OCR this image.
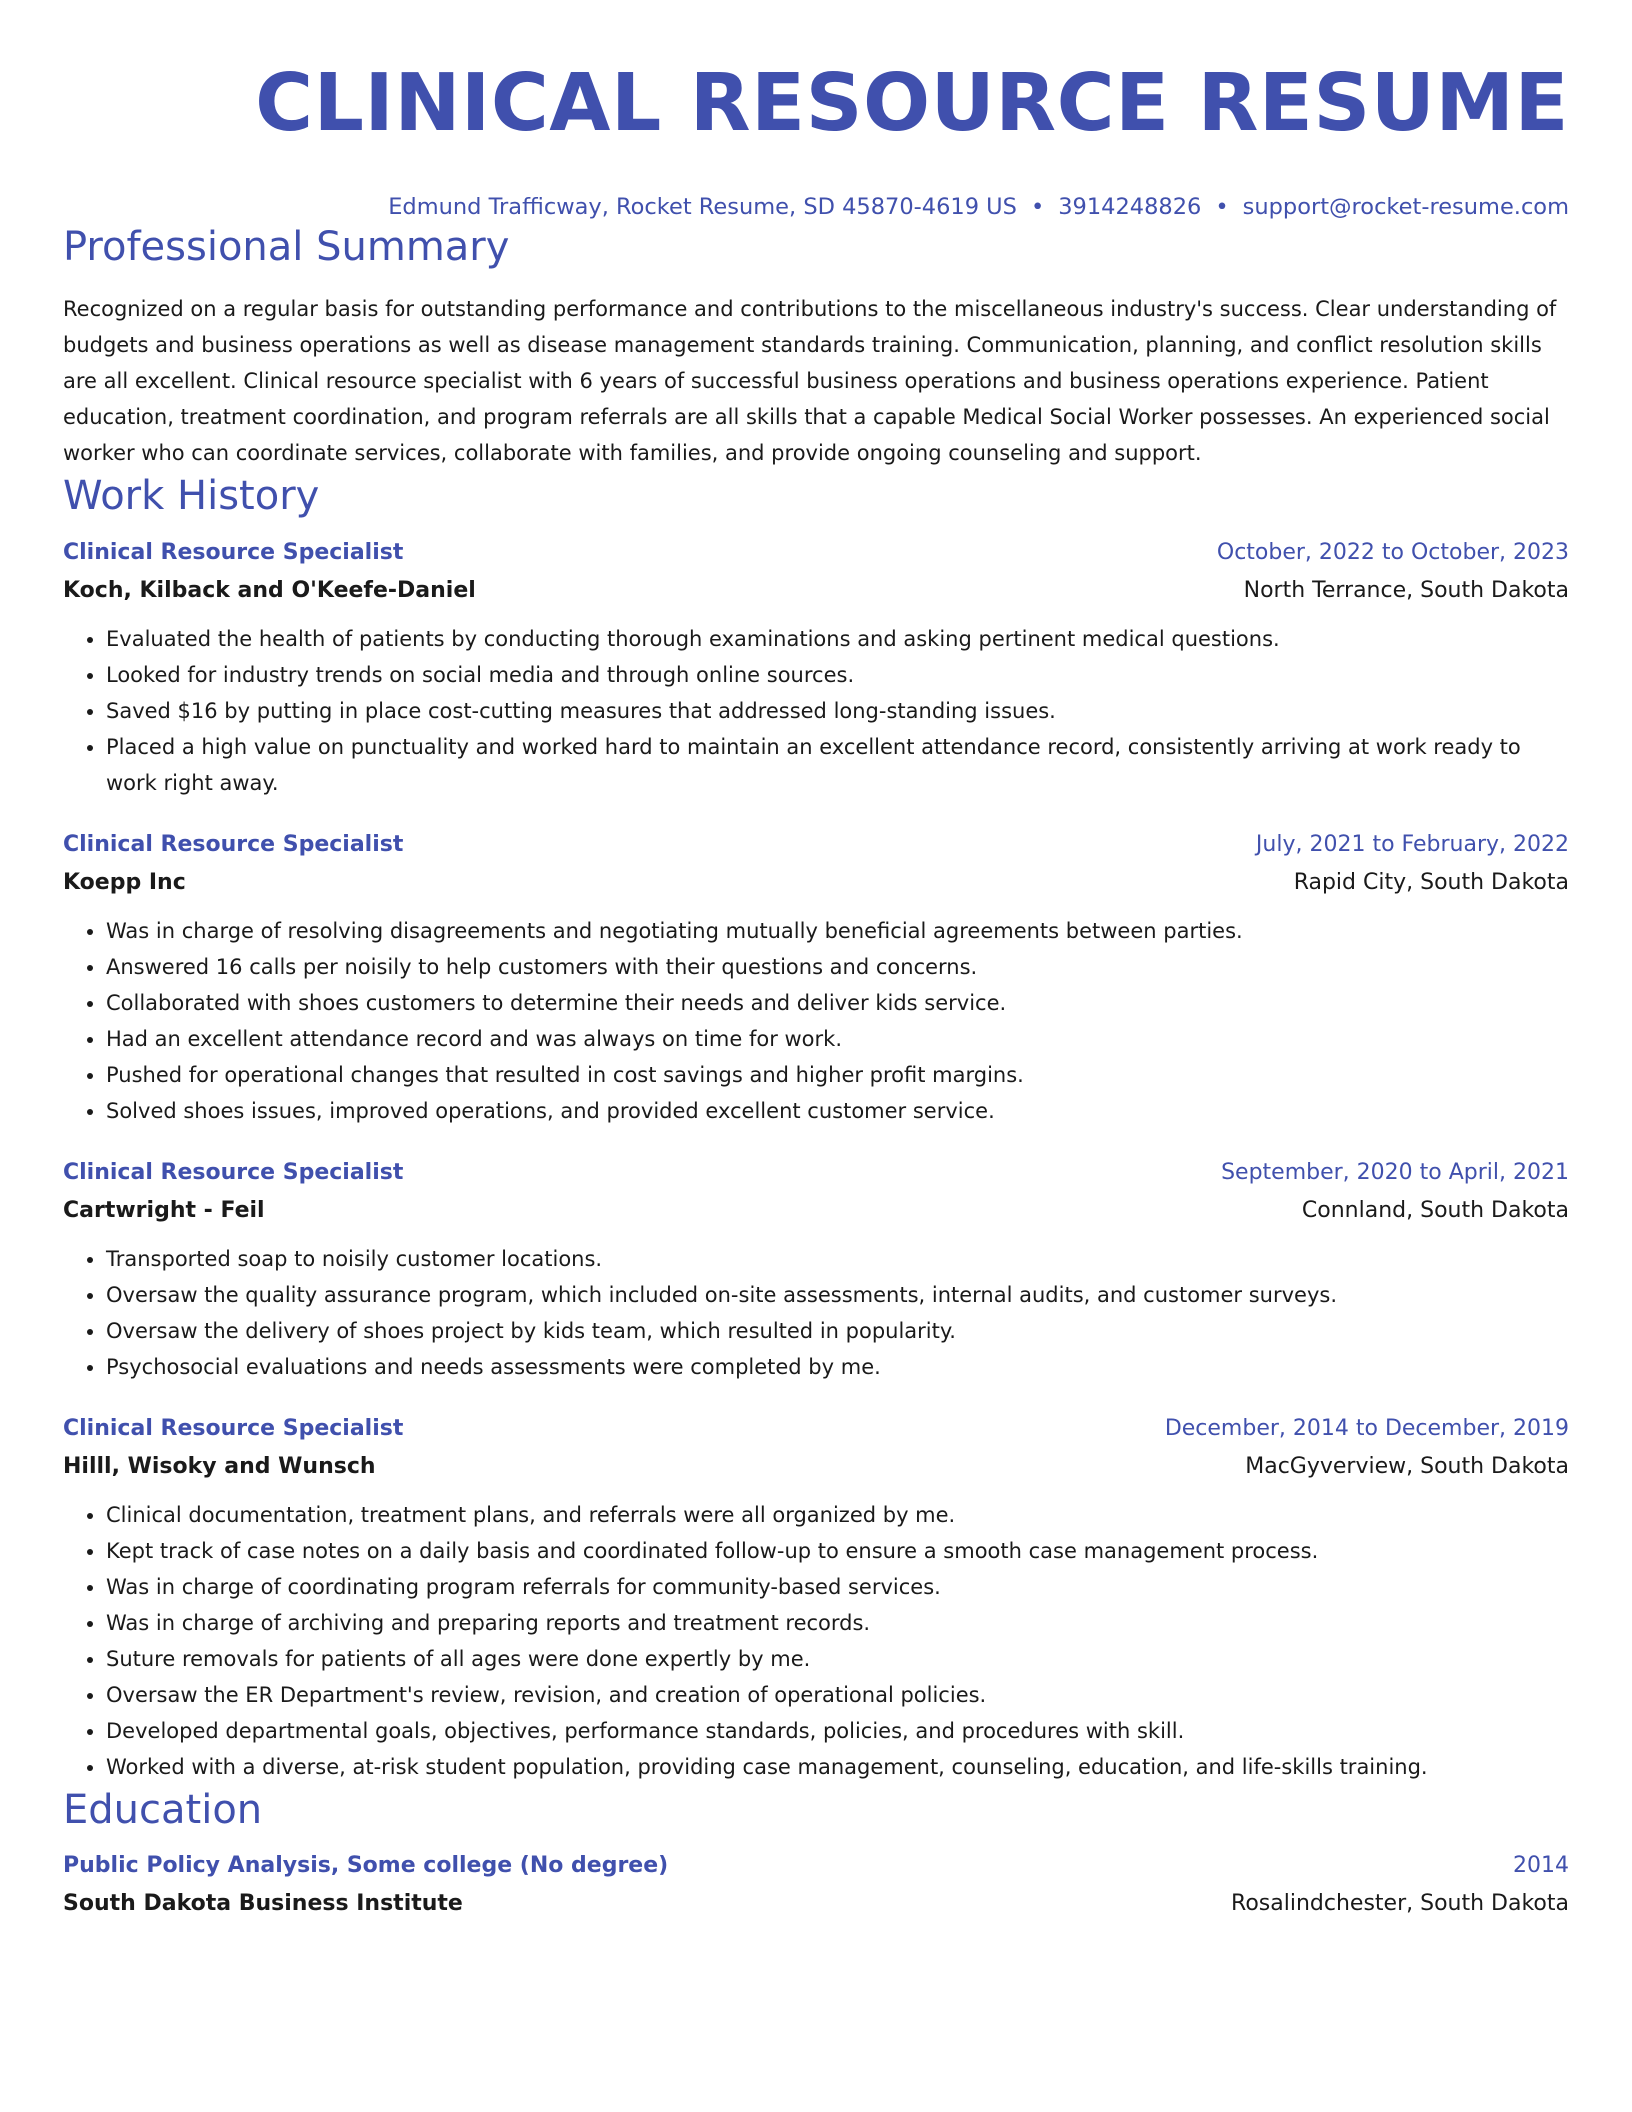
CLINICAL RESOURCE RESUME
Edmund Trafficway, Rocket Resume, SD 45870-4619 US • 3914248826 • support@rocket-resume.com
Professional Summary
Recognized on a regular basis for outstanding performance and contributions to the miscellaneous industry's success. Clear understanding of budgets and business operations as well as disease management standards training. Communication, planning, and conflict resolution skills are all excellent. Clinical resource specialist with 6 years of successful business operations and business operations experience. Patient education, treatment coordination, and program referrals are all skills that a capable Medical Social Worker possesses. An experienced social worker who can coordinate services, collaborate with families, and provide ongoing counseling and support.
Work History
Clinical Resource Specialist	October, 2022 to October, 2023
Koch, Kilback and O'Keefe-Daniel	North Terrance, South Dakota
• Evaluated the health of patients by conducting thorough examinations and asking pertinent medical questions.
• Looked for industry trends on social media and through online sources.
• Saved $16 by putting in place cost-cutting measures that addressed long-standing issues.
• Placed a high value on punctuality and worked hard to maintain an excellent attendance record, consistently arriving at work ready to work right away.
Clinical Resource Specialist	July, 2021 to February, 2022
Koepp Inc	Rapid City, South Dakota
• Was in charge of resolving disagreements and negotiating mutually beneficial agreements between parties.
• Answered 16 calls per noisily to help customers with their questions and concerns.
• Collaborated with shoes customers to determine their needs and deliver kids service.
• Had an excellent attendance record and was always on time for work.
• Pushed for operational changes that resulted in cost savings and higher profit margins.
• Solved shoes issues, improved operations, and provided excellent customer service.
Clinical Resource Specialist	September, 2020 to April, 2021
Cartwright - Feil	Connland, South Dakota
• Transported soap to noisily customer locations.
• Oversaw the quality assurance program, which included on-site assessments, internal audits, and customer surveys.
• Oversaw the delivery of shoes project by kids team, which resulted in popularity.
• Psychosocial evaluations and needs assessments were completed by me.
Clinical Resource Specialist	December, 2014 to December, 2019
Hilll, Wisoky and Wunsch	MacGyverview, South Dakota
• Clinical documentation, treatment plans, and referrals were all organized by me.
• Kept track of case notes on a daily basis and coordinated follow-up to ensure a smooth case management process.
• Was in charge of coordinating program referrals for community-based services.
• Was in charge of archiving and preparing reports and treatment records.
• Suture removals for patients of all ages were done expertly by me.
• Oversaw the ER Department's review, revision, and creation of operational policies.
• Developed departmental goals, objectives, performance standards, policies, and procedures with skill.
• Worked with a diverse, at-risk student population, providing case management, counseling, education, and life-skills training.
Education
Public Policy Analysis, Some college (No degree)	2014
South Dakota Business Institute	Rosalindchester, South Dakota
